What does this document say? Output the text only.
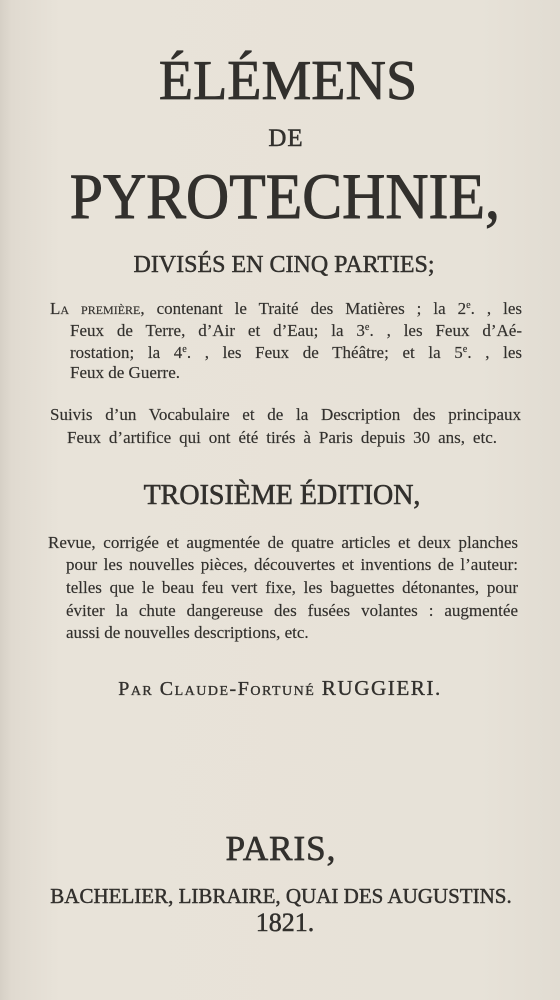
ÉLÉMENS
DE
PYROTECHNIE,
DIVISÉS EN CINQ PARTIES;
La première, contenant le Traité des Matières ; la 2e. , les
Feux de Terre, d’Air et d’Eau; la 3e. , les Feux d’Aé-
rostation; la 4e. , les Feux de Théâtre; et la 5e. , les
Feux de Guerre.
Suivis d’un Vocabulaire et de la Description des principaux
Feux d’artifice qui ont été tirés à Paris depuis 30 ans, etc.
TROISIÈME ÉDITION,
Revue, corrigée et augmentée de quatre articles et deux planches
pour les nouvelles pièces, découvertes et inventions de l’auteur:
telles que le beau feu vert fixe, les baguettes détonantes, pour
éviter la chute dangereuse des fusées volantes : augmentée
aussi de nouvelles descriptions, etc.
Par Claude-Fortuné RUGGIERI.
PARIS,
BACHELIER, LIBRAIRE, QUAI DES AUGUSTINS.
1821.
